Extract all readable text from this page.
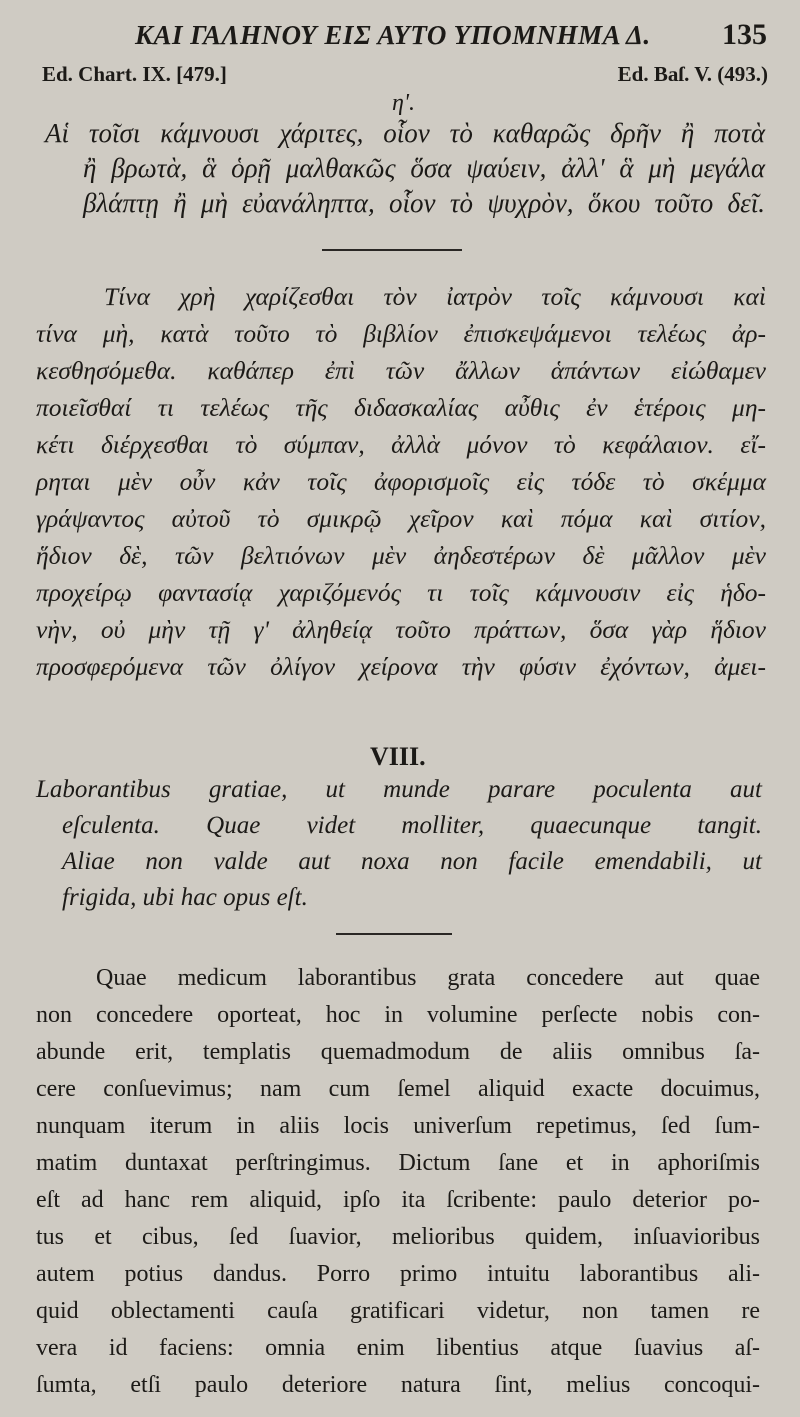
ΚΑΙ ΓΑΛΗΝΟΥ ΕΙΣ ΑΥΤΟ ΥΠΟΜΝΗΜΑ Δ. 135
Ed. Chart. IX. [479.]	Ed. Baſ. V. (493.)
η'.
Αἱ τοῖσι κάμνουσι χάριτες, οἷον τὸ καθαρῶς δρῆν ἢ ποτὰ
ἢ βρωτὰ, ἃ ὁρῇ μαλθακῶς ὅσα ψαύειν, ἀλλ' ἃ μὴ μεγάλα
βλάπτῃ ἢ μὴ εὐανάληπτα, οἷον τὸ ψυχρὸν, ὅκου τοῦτο δεῖ.
Τίνα χρὴ χαρίζεσθαι τὸν ἰατρὸν τοῖς κάμνουσι καὶ
τίνα μὴ, κατὰ τοῦτο τὸ βιβλίον ἐπισκεψάμενοι τελέως ἀρ-
κεσθησόμεθα. καθάπερ ἐπὶ τῶν ἄλλων ἁπάντων εἰώθαμεν
ποιεῖσθαί τι τελέως τῆς διδασκαλίας αὖθις ἐν ἑτέροις μη-
κέτι διέρχεσθαι τὸ σύμπαν, ἀλλὰ μόνον τὸ κεφάλαιον. εἴ-
ρηται μὲν οὖν κἀν τοῖς ἀφορισμοῖς εἰς τόδε τὸ σκέμμα
γράψαντος αὐτοῦ τὸ σμικρῷ χεῖρον καὶ πόμα καὶ σιτίον,
ἥδιον δὲ, τῶν βελτιόνων μὲν ἀηδεστέρων δὲ μᾶλλον μὲν
προχείρῳ φαντασίᾳ χαριζόμενός τι τοῖς κάμνουσιν εἰς ἡδο-
νὴν, οὐ μὴν τῇ γ' ἀληθείᾳ τοῦτο πράττων, ὅσα γὰρ ἥδιον
προσφερόμενα τῶν ὀλίγον χείρονα τὴν φύσιν ἐχόντων, ἀμει-
VIII.
Laborantibus gratiae, ut munde parare poculenta aut
eſculenta. Quae videt molliter, quaecunque tangit.
Aliae non valde aut noxa non facile emendabili, ut
frigida, ubi hac opus eſt.
Quae medicum laborantibus grata concedere aut quae
non concedere oporteat, hoc in volumine perſecte nobis con-
abunde erit, templatis quemadmodum de aliis omnibus ſa-
cere conſuevimus; nam cum ſemel aliquid exacte docuimus,
nunquam iterum in aliis locis univerſum repetimus, ſed ſum-
matim duntaxat perſtringimus. Dictum ſane et in aphoriſmis
eſt ad hanc rem aliquid, ipſo ita ſcribente: paulo deterior po-
tus et cibus, ſed ſuavior, melioribus quidem, inſuavioribus
autem potius dandus. Porro primo intuitu laborantibus ali-
quid oblectamenti cauſa gratificari videtur, non tamen re
vera id faciens: omnia enim libentius atque ſuavius aſ-
ſumta, etſi paulo deteriore natura ſint, melius concoqui-
